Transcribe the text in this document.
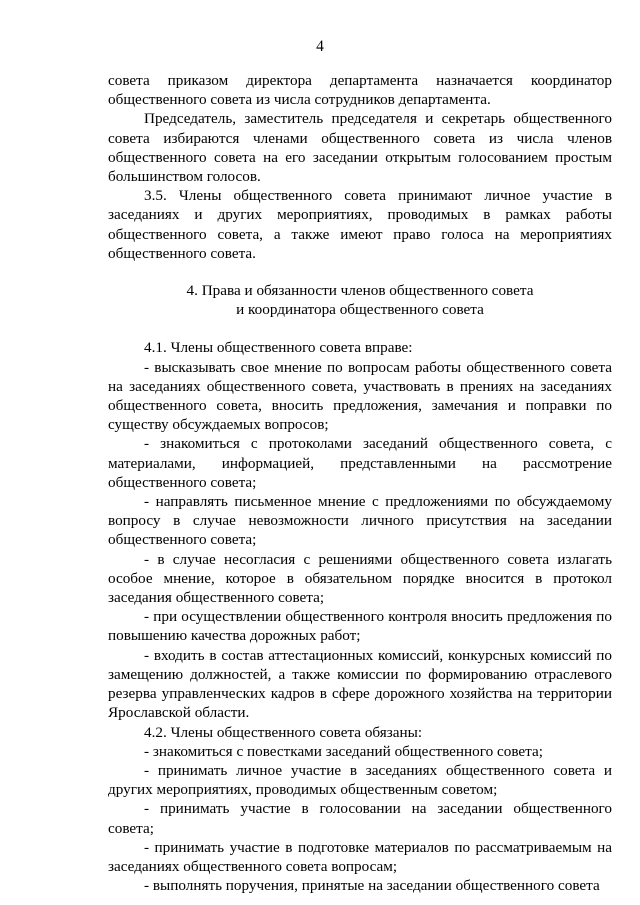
4

совета приказом директора департамента назначается координатор общественного совета из числа сотрудников департамента.

Председатель, заместитель председателя и секретарь общественного совета избираются членами общественного совета из числа членов общественного совета на его заседании открытым голосованием простым большинством голосов.

3.5. Члены общественного совета принимают личное участие в заседаниях и других мероприятиях, проводимых в рамках работы общественного совета, а также имеют право голоса на мероприятиях общественного совета.

4. Права и обязанности членов общественного совета
и координатора общественного совета

4.1. Члены общественного совета вправе:

- высказывать свое мнение по вопросам работы общественного совета на заседаниях общественного совета, участвовать в прениях на заседаниях общественного совета, вносить предложения, замечания и поправки по существу обсуждаемых вопросов;

- знакомиться с протоколами заседаний общественного совета, с материалами, информацией, представленными на рассмотрение общественного совета;

- направлять письменное мнение с предложениями по обсуждаемому вопросу в случае невозможности личного присутствия на заседании общественного совета;

- в случае несогласия с решениями общественного совета излагать особое мнение, которое в обязательном порядке вносится в протокол заседания общественного совета;

- при осуществлении общественного контроля вносить предложения по повышению качества дорожных работ;

- входить в состав аттестационных комиссий, конкурсных комиссий по замещению должностей, а также комиссии по формированию отраслевого резерва управленческих кадров в сфере дорожного хозяйства на территории Ярославской области.

4.2. Члены общественного совета обязаны:

- знакомиться с повестками заседаний общественного совета;

- принимать личное участие в заседаниях общественного совета и других мероприятиях, проводимых общественным советом;

- принимать участие в голосовании на заседании общественного совета;

- принимать участие в подготовке материалов по рассматриваемым на заседаниях общественного совета вопросам;

- выполнять поручения, принятые на заседании общественного совета
